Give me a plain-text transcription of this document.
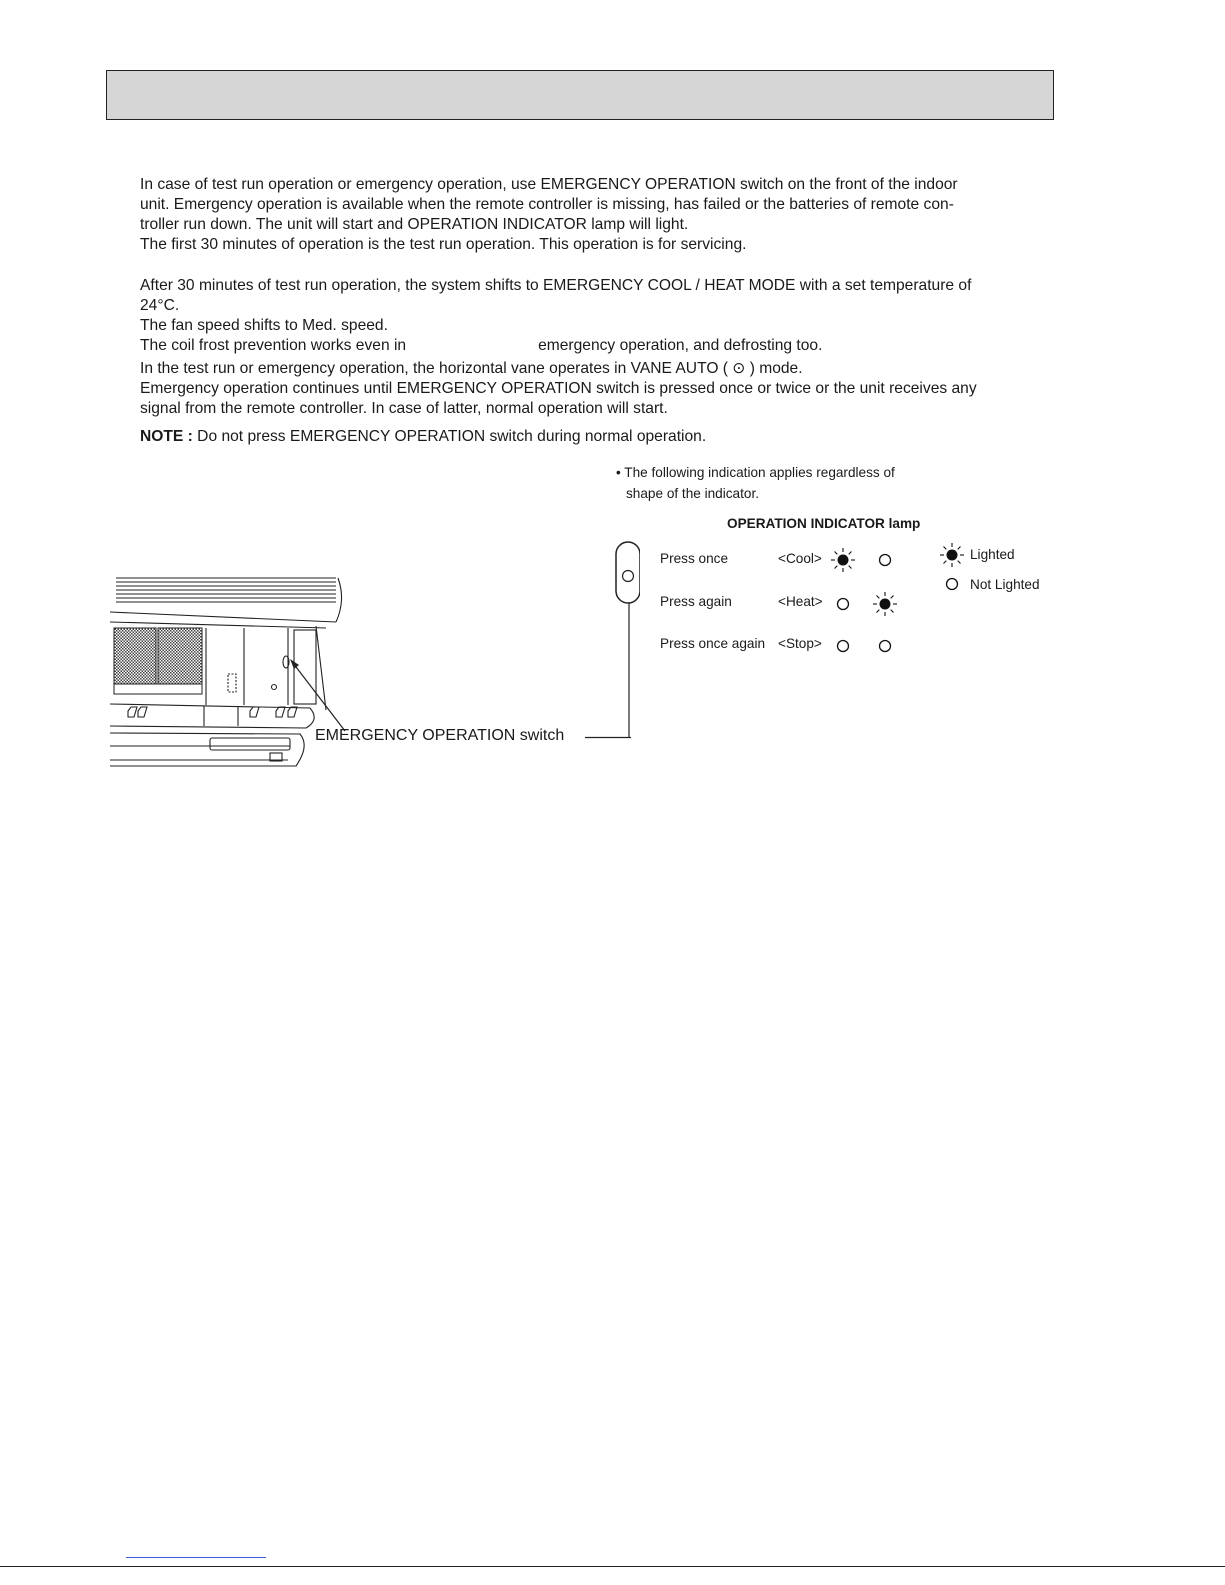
In case of test run operation or emergency operation, use EMERGENCY OPERATION switch on the front of the indoor

unit. Emergency operation is available when the remote controller is missing, has failed or the batteries of remote con-

troller run down. The unit will start and OPERATION INDICATOR lamp will light.

The first 30 minutes of operation is the test run operation. This operation is for servicing.

After 30 minutes of test run operation, the system shifts to EMERGENCY COOL / HEAT MODE with a set temperature of

24°C.

The fan speed shifts to Med. speed.

The coil frost prevention works even in	emergency operation, and defrosting too.

In the test run or emergency operation, the horizontal vane operates in VANE AUTO ( ⊙ ) mode.

Emergency operation continues until EMERGENCY OPERATION switch is pressed once or twice or the unit receives any

signal from the remote controller. In case of latter, normal operation will start.

NOTE : Do not press EMERGENCY OPERATION switch during normal operation.

• The following indication applies regardless of

shape of the indicator.

OPERATION INDICATOR lamp

Press once	<Cool>
Press again	<Heat>
Press once again <Stop>
Lighted
Not Lighted
EMERGENCY OPERATION switch
